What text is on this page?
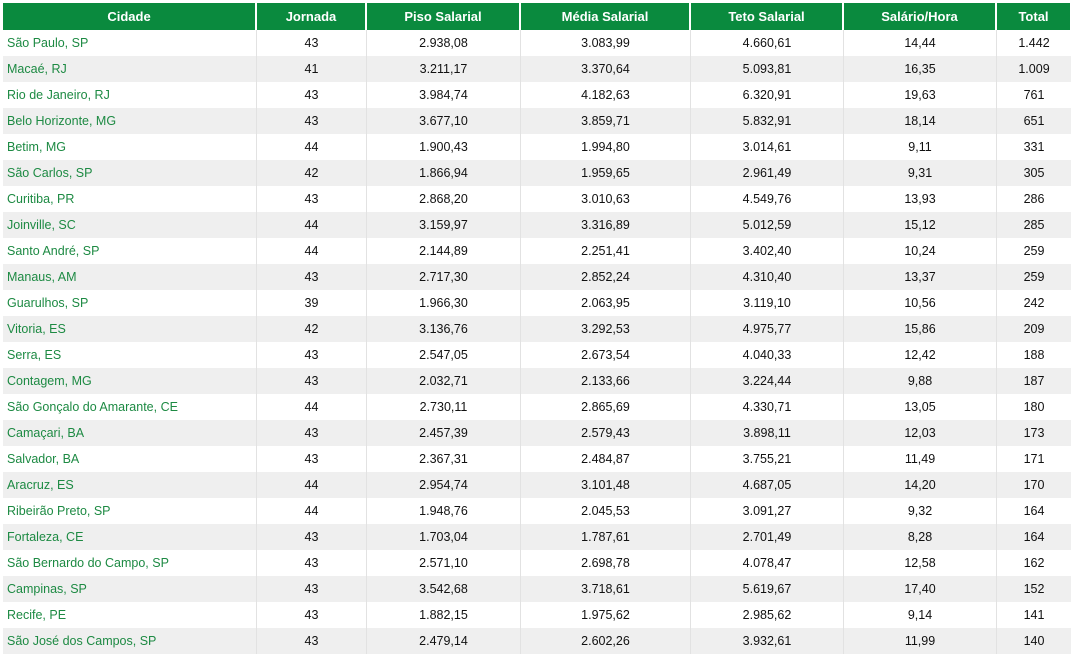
Cidade	Jornada	Piso Salarial	Média Salarial	Teto Salarial	Salário/Hora	Total
São Paulo, SP	43	2.938,08	3.083,99	4.660,61	14,44	1.442
Macaé, RJ	41	3.211,17	3.370,64	5.093,81	16,35	1.009
Rio de Janeiro, RJ	43	3.984,74	4.182,63	6.320,91	19,63	761
Belo Horizonte, MG	43	3.677,10	3.859,71	5.832,91	18,14	651
Betim, MG	44	1.900,43	1.994,80	3.014,61	9,11	331
São Carlos, SP	42	1.866,94	1.959,65	2.961,49	9,31	305
Curitiba, PR	43	2.868,20	3.010,63	4.549,76	13,93	286
Joinville, SC	44	3.159,97	3.316,89	5.012,59	15,12	285
Santo André, SP	44	2.144,89	2.251,41	3.402,40	10,24	259
Manaus, AM	43	2.717,30	2.852,24	4.310,40	13,37	259
Guarulhos, SP	39	1.966,30	2.063,95	3.119,10	10,56	242
Vitoria, ES	42	3.136,76	3.292,53	4.975,77	15,86	209
Serra, ES	43	2.547,05	2.673,54	4.040,33	12,42	188
Contagem, MG	43	2.032,71	2.133,66	3.224,44	9,88	187
São Gonçalo do Amarante, CE	44	2.730,11	2.865,69	4.330,71	13,05	180
Camaçari, BA	43	2.457,39	2.579,43	3.898,11	12,03	173
Salvador, BA	43	2.367,31	2.484,87	3.755,21	11,49	171
Aracruz, ES	44	2.954,74	3.101,48	4.687,05	14,20	170
Ribeirão Preto, SP	44	1.948,76	2.045,53	3.091,27	9,32	164
Fortaleza, CE	43	1.703,04	1.787,61	2.701,49	8,28	164
São Bernardo do Campo, SP	43	2.571,10	2.698,78	4.078,47	12,58	162
Campinas, SP	43	3.542,68	3.718,61	5.619,67	17,40	152
Recife, PE	43	1.882,15	1.975,62	2.985,62	9,14	141
São José dos Campos, SP	43	2.479,14	2.602,26	3.932,61	11,99	140
